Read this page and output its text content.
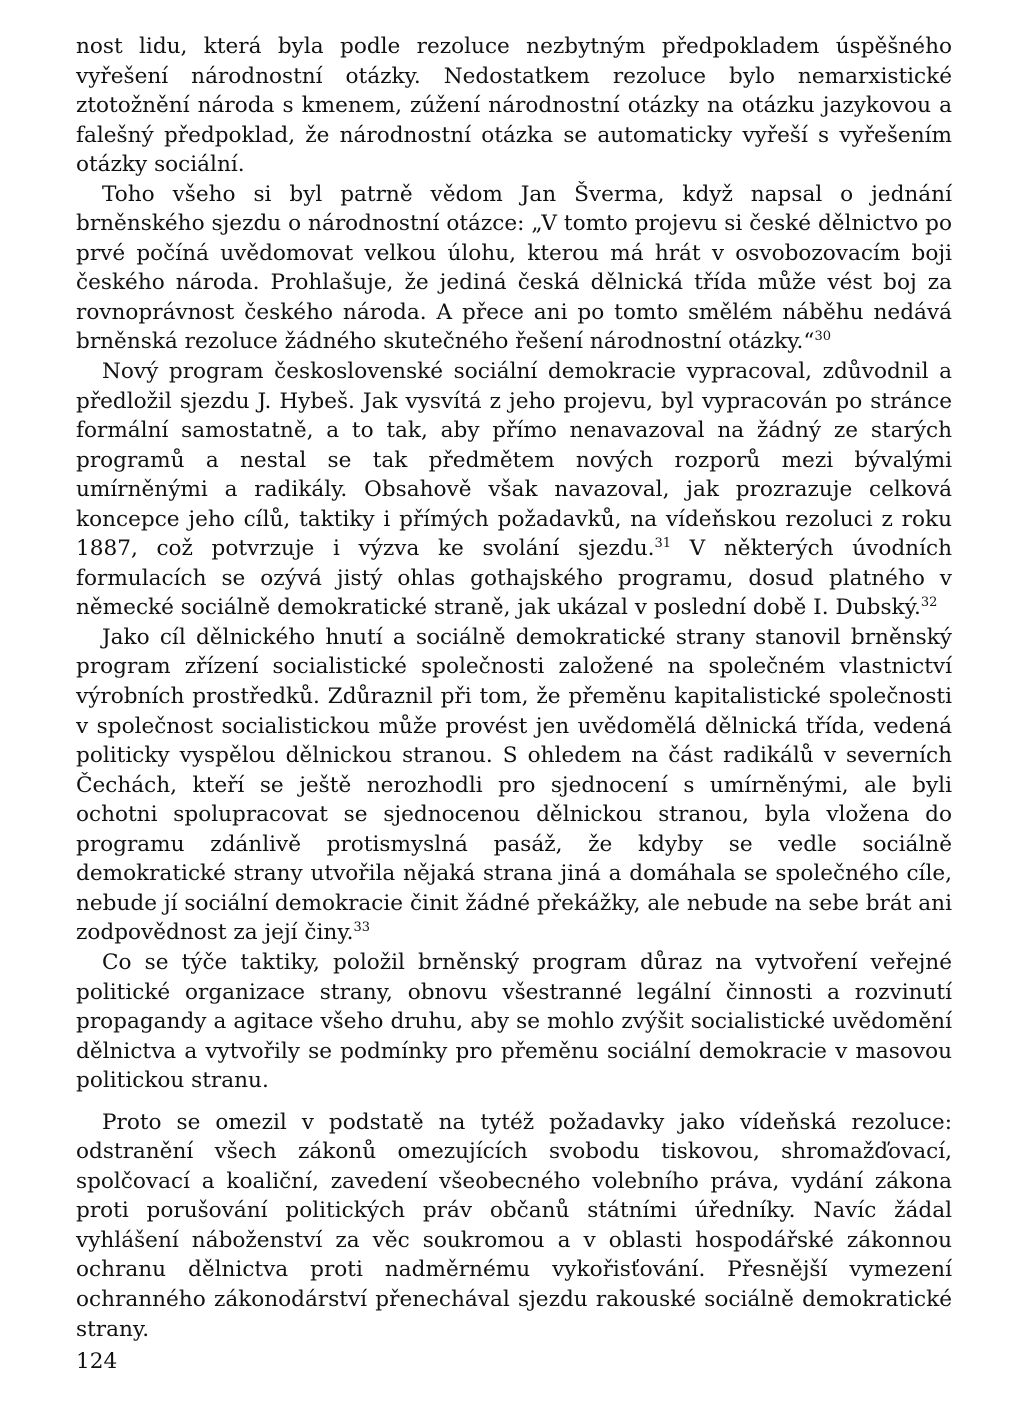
nost lidu, která byla podle rezoluce nezbytným předpokladem úspěšného vyřešení národnostní otázky. Nedostatkem rezoluce bylo nemarxistické ztotožnění národa s kmenem, zúžení národnostní otázky na otázku jazykovou a falešný předpoklad, že národnostní otázka se automaticky vyřeší s vyřešením otázky sociální.

Toho všeho si byl patrně vědom Jan Šverma, když napsal o jednání brněnského sjezdu o národnostní otázce: „V tomto projevu si české dělnictvo po prvé počíná uvědomovat velkou úlohu, kterou má hrát v osvobozovacím boji českého národa. Prohlašuje, že jediná česká dělnická třída může vést boj za rovnoprávnost českého národa. A přece ani po tomto smělém náběhu nedává brněnská rezoluce žádného skutečného řešení národnostní otázky.“$^{30}$

Nový program československé sociální demokracie vypracoval, zdůvodnil a předložil sjezdu J. Hybeš. Jak vysvítá z jeho projevu, byl vypracován po stránce formální samostatně, a to tak, aby přímo nenavazoval na žádný ze starých programů a nestal se tak předmětem nových rozporů mezi bývalými umírněnými a radikály. Obsahově však navazoval, jak prozrazuje celková koncepce jeho cílů, taktiky i přímých požadavků, na vídeňskou rezoluci z roku 1887, což potvrzuje i výzva ke svolání sjezdu.$^{31}$ V některých úvodních formulacích se ozývá jistý ohlas gothajského programu, dosud platného v německé sociálně demokratické straně, jak ukázal v poslední době I. Dubský.$^{32}$

Jako cíl dělnického hnutí a sociálně demokratické strany stanovil brněnský program zřízení socialistické společnosti založené na společném vlastnictví výrobních prostředků. Zdůraznil při tom, že přeměnu kapitalistické společnosti v společnost socialistickou může provést jen uvědomělá dělnická třída, vedená politicky vyspělou dělnickou stranou. S ohledem na část radikálů v severních Čechách, kteří se ještě nerozhodli pro sjednocení s umírněnými, ale byli ochotni spolupracovat se sjednocenou dělnickou stranou, byla vložena do programu zdánlivě protismyslná pasáž, že kdyby se vedle sociálně demokratické strany utvořila nějaká strana jiná a domáhala se společného cíle, nebude jí sociální demokracie činit žádné překážky, ale nebude na sebe brát ani zodpovědnost za její činy.$^{33}$

Co se týče taktiky, položil brněnský program důraz na vytvoření veřejné politické organizace strany, obnovu všestranné legální činnosti a rozvinutí propagandy a agitace všeho druhu, aby se mohlo zvýšit socialistické uvědomění dělnictva a vytvořily se podmínky pro přeměnu sociální demokracie v masovou politickou stranu.

Proto se omezil v podstatě na tytéž požadavky jako vídeňská rezoluce: odstranění všech zákonů omezujících svobodu tiskovou, shromažďovací, spolčovací a koaliční, zavedení všeobecného volebního práva, vydání zákona proti porušování politických práv občanů státními úředníky. Navíc žádal vyhlášení náboženství za věc soukromou a v oblasti hospodářské zákonnou ochranu dělnictva proti nadměrnému vykořisťování. Přesnější vymezení ochranného zákonodárství přenechával sjezdu rakouské sociálně demokratické strany.

124
